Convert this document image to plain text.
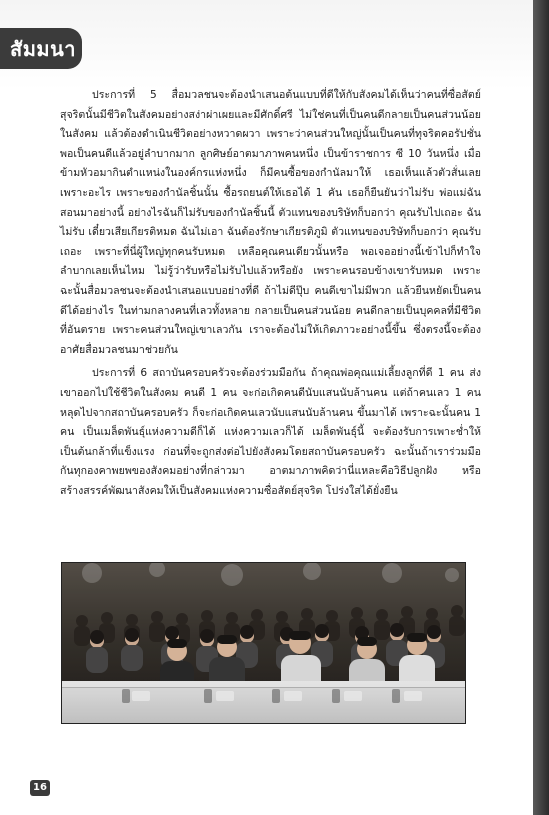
สัมมนา

ประการที่ 5 สื่อมวลชนจะต้องนำเสนอต้นแบบที่ดีให้กับสังคมได้เห็นว่าคนที่ซื่อสัตย์สุจริตนั้นมีชีวิตในสังคมอย่างสง่าผ่าเผยและมีศักดิ์ศรี ไม่ใช่คนที่เป็นคนดีกลายเป็นคนส่วนน้อยในสังคม แล้วต้องดำเนินชีวิตอย่างหวาดผวา เพราะว่าคนส่วนใหญ่นั้นเป็นคนที่ทุจริตคอรัปชั่น พอเป็นคนดีแล้วอยู่ลำบากมาก ลูกศิษย์อาตมาภาพคนหนึ่ง เป็นข้าราชการ ซี 10 วันหนึ่ง เมื่อข้ามหัวอมากินตำแหน่งในองค์กรแห่งหนึ่ง ก็มีคนซื้อของกำนัลมาให้ เธอเห็นแล้วตัวสั่นเลย เพราะอะไร เพราะของกำนัลชิ้นนั้น ซื้อรถยนต์ให้เธอได้ 1 คัน เธอก็ยืนยันว่าไม่รับ พ่อแม่ฉันสอนมาอย่างนี้ อย่างไรฉันก็ไม่รับของกำนัลชิ้นนี้ ตัวแทนของบริษัทก็บอกว่า คุณรับไปเถอะ ฉันไม่รับ เดี๋ยวเสียเกียรติหมด ฉันไม่เอา ฉันต้องรักษาเกียรติภูมิ ตัวแทนของบริษัทก็บอกว่า คุณรับเถอะ เพราะที่นี่ผู้ใหญ่ทุกคนรับหมด เหลือคุณคนเดียวนั้นหรือ พอเจออย่างนี้เข้าไปก็ทำใจลำบากเลยเห็นไหม ไม่รู้ว่ารับหรือไม่รับไปแล้วหรือยัง เพราะคนรอบข้างเขารับหมด เพราะฉะนั้นสื่อมวลชนจะต้องนำเสนอแบบอย่างที่ดี ถ้าไม่ดีปุ๊บ คนดีเขาไม่มีพวก แล้วยืนหยัดเป็นคนดีได้อย่างไร ในท่ามกลางคนที่เลวทั้งหลาย กลายเป็นคนส่วนน้อย คนดีกลายเป็นบุคคลที่มีชีวิตที่อันตราย เพราะคนส่วนใหญ่เขาเลวกัน เราจะต้องไม่ให้เกิดภาวะอย่างนี้ขึ้น ซึ่งตรงนี้จะต้องอาศัยสื่อมวลชนมาช่วยกัน

ประการที่ 6 สถาบันครอบครัวจะต้องร่วมมือกัน ถ้าคุณพ่อคุณแม่เลี้ยงลูกที่ดี 1 คน ส่งเขาออกไปใช้ชีวิตในสังคม คนดี 1 คน จะก่อเกิดคนดีนับแสนนับล้านคน แต่ถ้าคนเลว 1 คน หลุดไปจากสถาบันครอบครัว ก็จะก่อเกิดคนเลวนับแสนนับล้านคน ขึ้นมาได้ เพราะฉะนั้นคน 1 คน เป็นเมล็ดพันธุ์แห่งความดีก็ได้ แห่งความเลวก็ได้ เมล็ดพันธุ์นี้ จะต้องรับการเพาะช่ำให้เป็นต้นกล้าที่แข็งแรง ก่อนที่จะถูกส่งต่อไปยังสังคมโดยสถาบันครอบครัว ฉะนั้นถ้าเราร่วมมือกันทุกองคาพยพของสังคมอย่างที่กล่าวมา อาตมาภาพคิดว่านี่แหละคือวิธีปลูกฝัง หรือสร้างสรรค์พัฒนาสังคมให้เป็นสังคมแห่งความซื่อสัตย์สุจริต โปร่งใสได้ยั่งยืน

16
